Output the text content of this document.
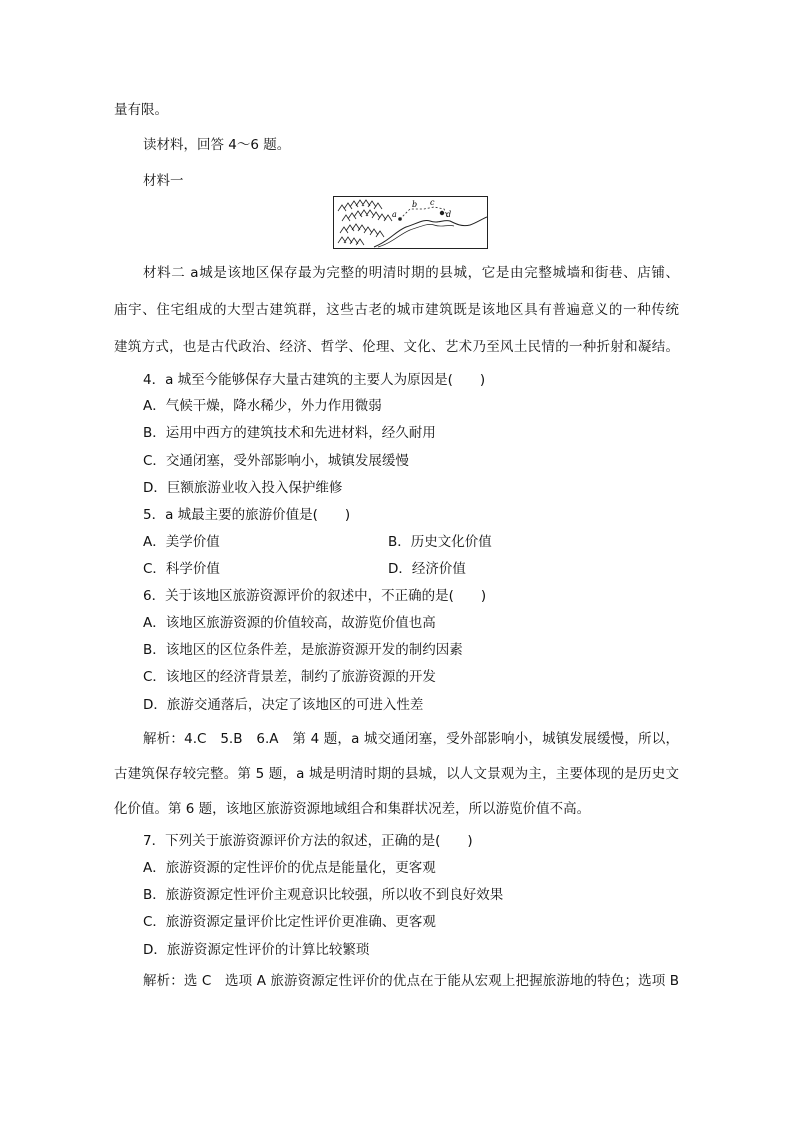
量有限。
读材料，回答 4～6 题。
材料一
a
b c
d
材料二 a城是该地区保存最为完整的明清时期的县城，它是由完整城墙和街巷、店铺、
庙宇、住宅组成的大型古建筑群，这些古老的城市建筑既是该地区具有普遍意义的一种传统
建筑方式，也是古代政治、经济、哲学、伦理、文化、艺术乃至风土民情的一种折射和凝结。
4．a 城至今能够保存大量古建筑的主要人为原因是(　　)
A．气候干燥，降水稀少，外力作用微弱
B．运用中西方的建筑技术和先进材料，经久耐用
C．交通闭塞，受外部影响小，城镇发展缓慢
D．巨额旅游业收入投入保护维修
5．a 城最主要的旅游价值是(　　)
A．美学价值	B．历史文化价值
C．科学价值	D．经济价值
6．关于该地区旅游资源评价的叙述中，不正确的是(　　)
A．该地区旅游资源的价值较高，故游览价值也高
B．该地区的区位条件差，是旅游资源开发的制约因素
C．该地区的经济背景差，制约了旅游资源的开发
D．旅游交通落后，决定了该地区的可进入性差
解析：4.C　5.B　6.A　第 4 题，a 城交通闭塞，受外部影响小，城镇发展缓慢，所以，
古建筑保存较完整。第 5 题，a 城是明清时期的县城，以人文景观为主，主要体现的是历史文
化价值。第 6 题，该地区旅游资源地域组合和集群状况差，所以游览价值不高。
7．下列关于旅游资源评价方法的叙述，正确的是(　　)
A．旅游资源的定性评价的优点是能量化，更客观
B．旅游资源定性评价主观意识比较强，所以收不到良好效果
C．旅游资源定量评价比定性评价更准确、更客观
D．旅游资源定性评价的计算比较繁琐
解析：选 C　选项 A 旅游资源定性评价的优点在于能从宏观上把握旅游地的特色；选项 B
